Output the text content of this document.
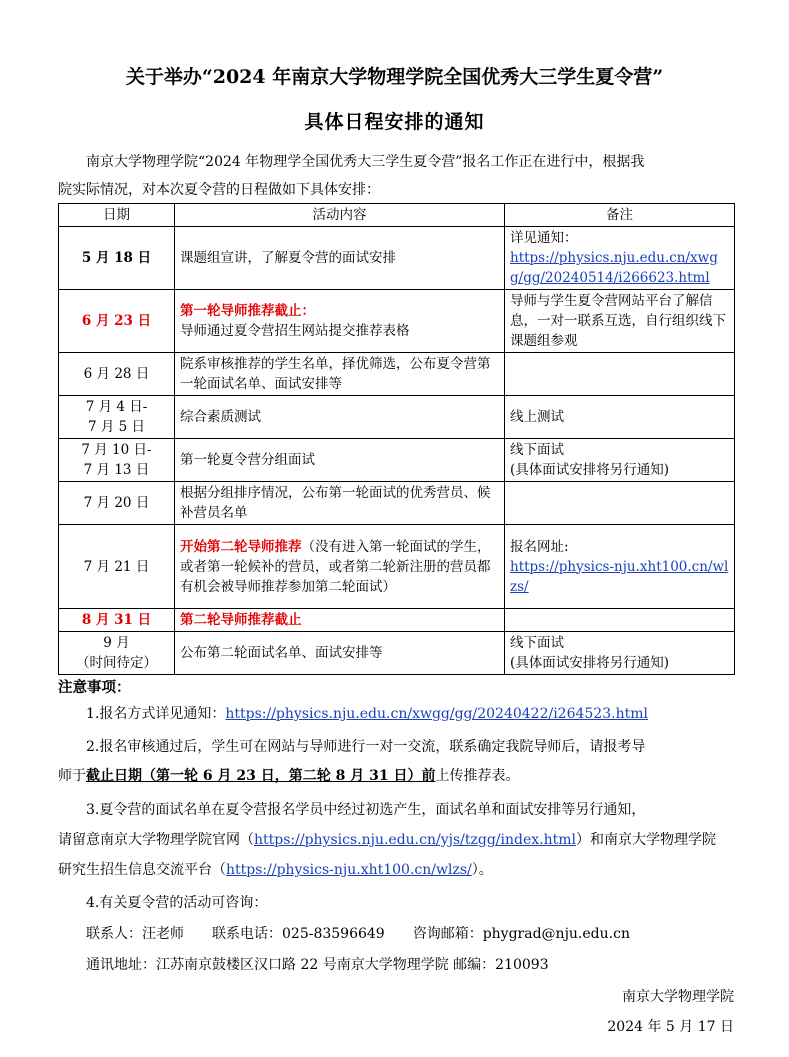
关于举办“2024 年南京大学物理学院全国优秀大三学生夏令营”
具体日程安排的通知
南京大学物理学院“2024 年物理学全国优秀大三学生夏令营”报名工作正在进行中，根据我
院实际情况，对本次夏令营的日程做如下具体安排：
日期	活动内容	备注
5 月 18 日	课题组宣讲，了解夏令营的面试安排	详见通知：
https://physics.nju.edu.cn/xwgg/gg/20240514/i266623.html
6 月 23 日	第一轮导师推荐截止：
导师通过夏令营招生网站提交推荐表格	导师与学生夏令营网站平台了解信息，一对一联系互选，自行组织线下课题组参观
6 月 28 日	院系审核推荐的学生名单，择优筛选，公布夏令营第一轮面试名单、面试安排等	
7 月 4 日-
7 月 5 日	综合素质测试	线上测试
7 月 10 日-
7 月 13 日	第一轮夏令营分组面试	线下面试
(具体面试安排将另行通知)
7 月 20 日	根据分组排序情况，公布第一轮面试的优秀营员、候补营员名单	
7 月 21 日	开始第二轮导师推荐（没有进入第一轮面试的学生，或者第一轮候补的营员，或者第二轮新注册的营员都有机会被导师推荐参加第二轮面试）	报名网址:
https://physics-nju.xht100.cn/wlzs/
8 月 31 日	第二轮导师推荐截止	
9 月
（时间待定）	公布第二轮面试名单、面试安排等	线下面试
(具体面试安排将另行通知)
注意事项：
1.报名方式详见通知：https://physics.nju.edu.cn/xwgg/gg/20240422/i264523.html
2.报名审核通过后，学生可在网站与导师进行一对一交流，联系确定我院导师后，请报考导
师于截止日期（第一轮 6 月 23 日，第二轮 8 月 31 日）前上传推荐表。
3.夏令营的面试名单在夏令营报名学员中经过初选产生，面试名单和面试安排等另行通知，
请留意南京大学物理学院官网（https://physics.nju.edu.cn/yjs/tzgg/index.html）和南京大学物理学院
研究生招生信息交流平台（https://physics-nju.xht100.cn/wlzs/）。
4.有关夏令营的活动可咨询：
联系人：汪老师　　联系电话：025-83596649　　咨询邮箱：phygrad@nju.edu.cn
通讯地址：江苏南京鼓楼区汉口路 22 号南京大学物理学院 邮编：210093
南京大学物理学院
2024 年 5 月 17 日
